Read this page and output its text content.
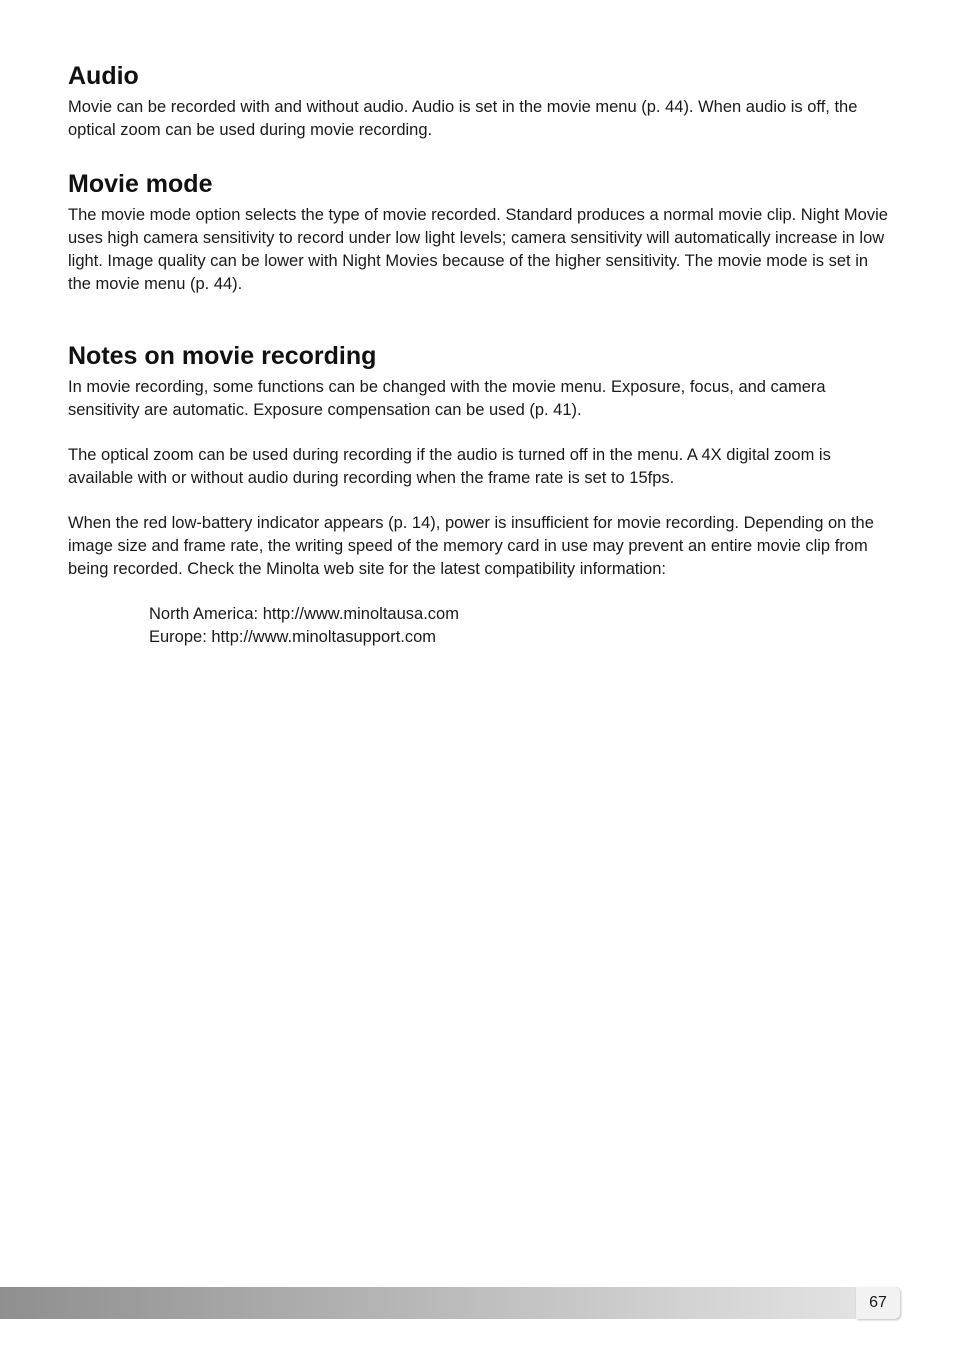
Audio

Movie can be recorded with and without audio. Audio is set in the movie menu (p. 44). When audio is off, the optical zoom can be used during movie recording.

Movie mode

The movie mode option selects the type of movie recorded. Standard produces a normal movie clip. Night Movie uses high camera sensitivity to record under low light levels; camera sensitivity will automatically increase in low light. Image quality can be lower with Night Movies because of the higher sensitivity. The movie mode is set in the movie menu (p. 44).

Notes on movie recording

In movie recording, some functions can be changed with the movie menu. Exposure, focus, and camera sensitivity are automatic. Exposure compensation can be used (p. 41).

The optical zoom can be used during recording if the audio is turned off in the menu. A 4X digital zoom is available with or without audio during recording when the frame rate is set to 15fps.

When the red low-battery indicator appears (p. 14), power is insufficient for movie recording. Depending on the image size and frame rate, the writing speed of the memory card in use may prevent an entire movie clip from being recorded. Check the Minolta web site for the latest compatibility information:

North America: http://www.minoltausa.com
Europe: http://www.minoltasupport.com
67
